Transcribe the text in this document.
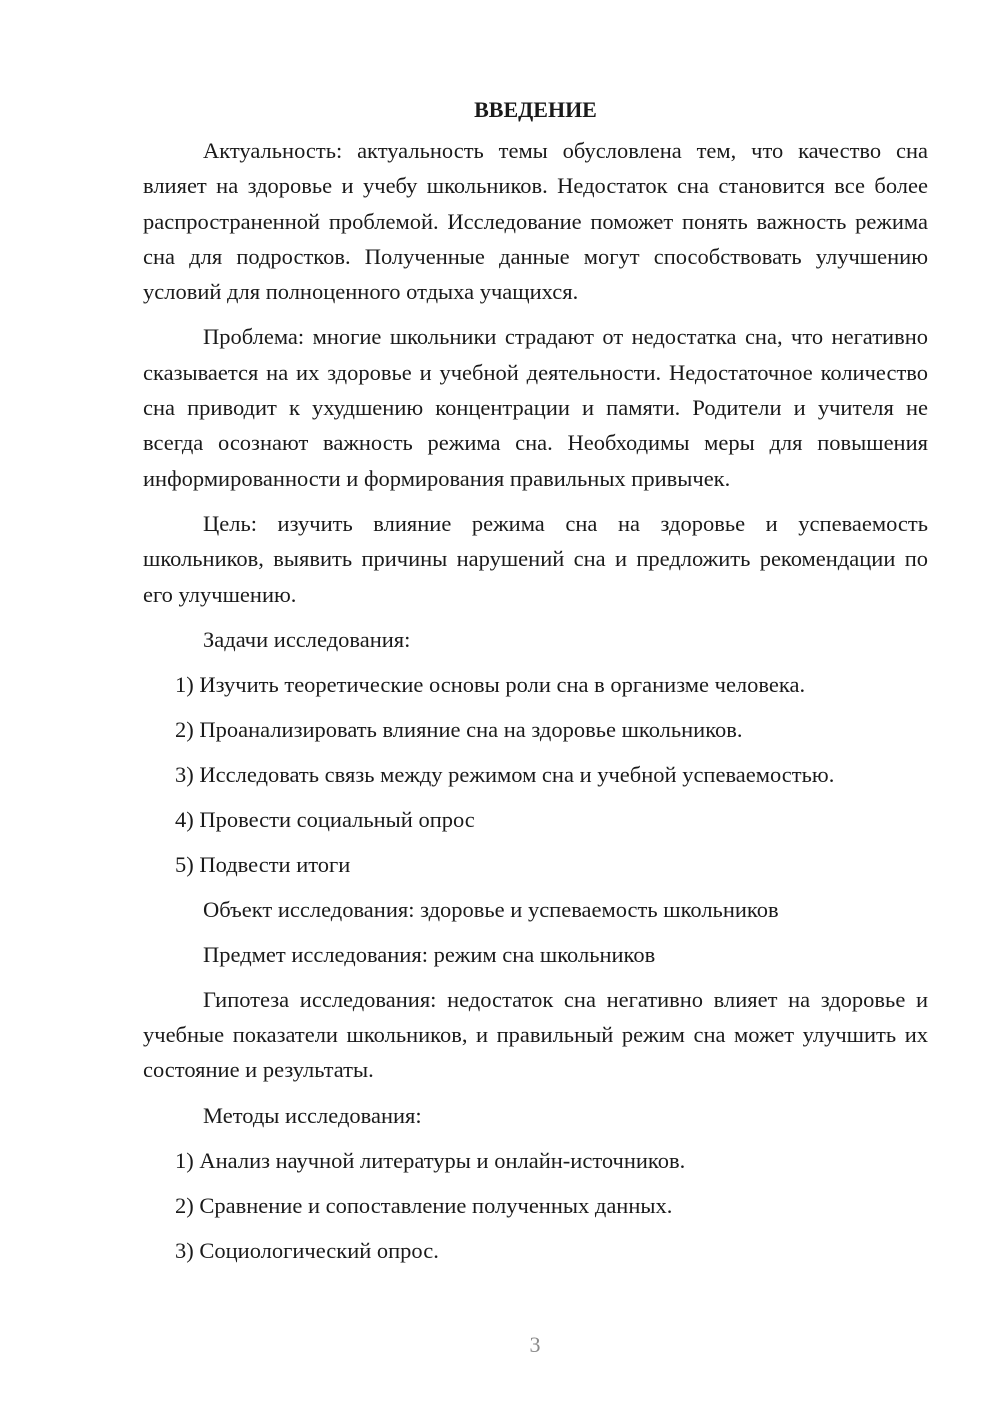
ВВЕДЕНИЕ

Актуальность: актуальность темы обусловлена тем, что качество сна влияет на здоровье и учебу школьников. Недостаток сна становится все более распространенной проблемой. Исследование поможет понять важность режима сна для подростков. Полученные данные могут способствовать улучшению условий для полноценного отдыха учащихся.

Проблема: многие школьники страдают от недостатка сна, что негативно сказывается на их здоровье и учебной деятельности. Недостаточное количество сна приводит к ухудшению концентрации и памяти. Родители и учителя не всегда осознают важность режима сна. Необходимы меры для повышения информированности и формирования правильных привычек.

Цель: изучить влияние режима сна на здоровье и успеваемость школьников, выявить причины нарушений сна и предложить рекомендации по его улучшению.

Задачи исследования:
1) Изучить теоретические основы роли сна в организме человека.
2) Проанализировать влияние сна на здоровье школьников.
3) Исследовать связь между режимом сна и учебной успеваемостью.
4) Провести социальный опрос
5) Подвести итоги
Объект исследования: здоровье и успеваемость школьников
Предмет исследования: режим сна школьников

Гипотеза исследования: недостаток сна негативно влияет на здоровье и учебные показатели школьников, и правильный режим сна может улучшить их состояние и результаты.

Методы исследования:
1) Анализ научной литературы и онлайн-источников.
2) Сравнение и сопоставление полученных данных.
3) Социологический опрос.
3
